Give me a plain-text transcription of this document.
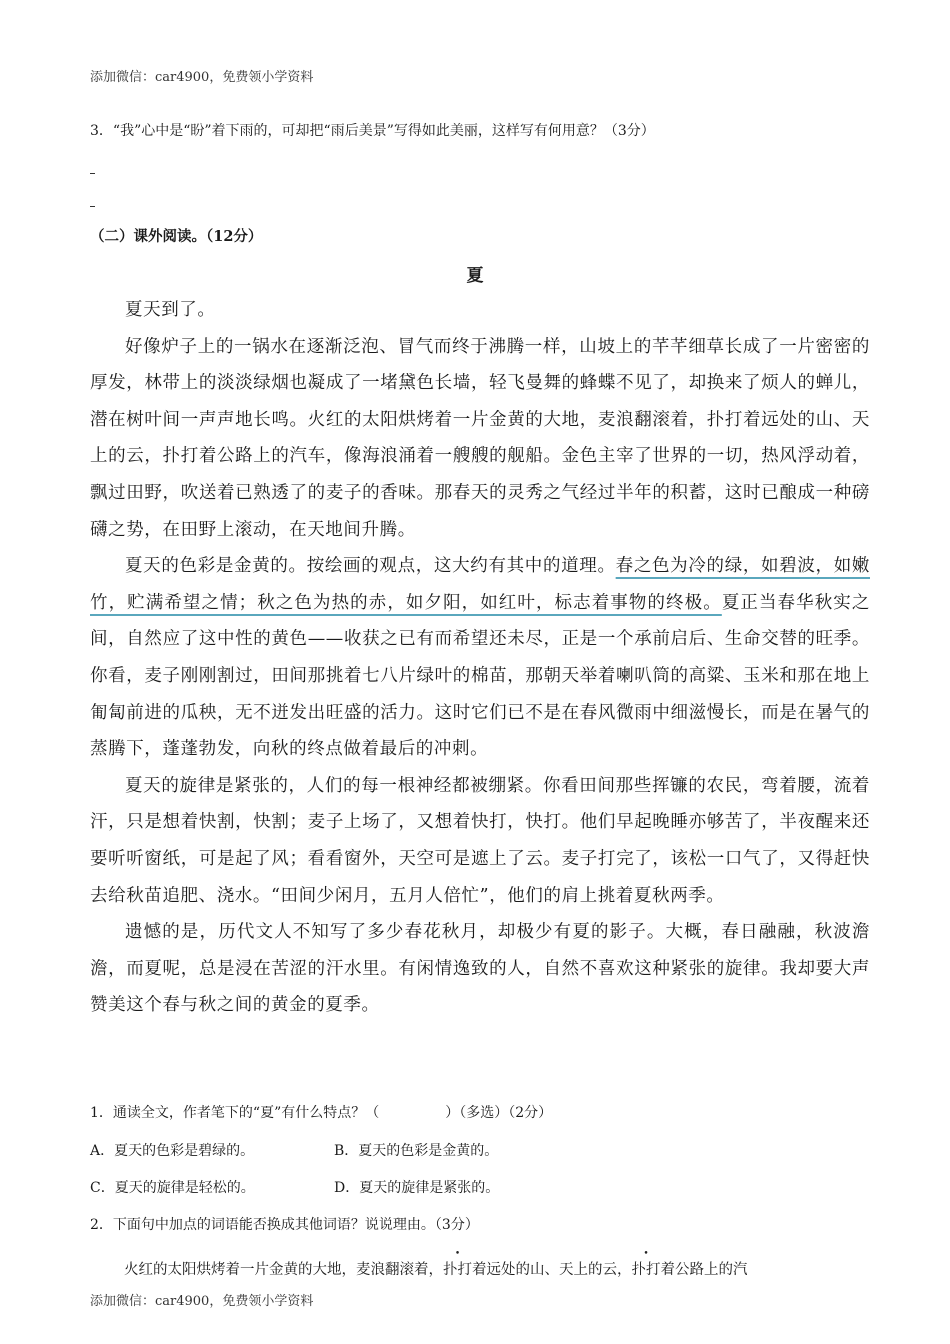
添加微信：car4900，免费领小学资料
3．“我”心中是“盼”着下雨的，可却把“雨后美景”写得如此美丽，这样写有何用意？（3分）
（二）课外阅读。（12分）
夏

夏天到了。

好像炉子上的一锅水在逐渐泛泡、冒气而终于沸腾一样，山坡上的芊芊细草长成了一片密密的厚发，林带上的淡淡绿烟也凝成了一堵黛色长墙，轻飞曼舞的蜂蝶不见了，却换来了烦人的蝉儿，潜在树叶间一声声地长鸣。火红的太阳烘烤着一片金黄的大地，麦浪翻滚着，扑打着远处的山、天上的云，扑打着公路上的汽车，像海浪涌着一艘艘的舰船。金色主宰了世界的一切，热风浮动着，飘过田野，吹送着已熟透了的麦子的香味。那春天的灵秀之气经过半年的积蓄，这时已酿成一种磅礴之势，在田野上滚动，在天地间升腾。

夏天的色彩是金黄的。按绘画的观点，这大约有其中的道理。春之色为冷的绿，如碧波，如嫩竹，贮满希望之情；秋之色为热的赤，如夕阳，如红叶，标志着事物的终极。夏正当春华秋实之间，自然应了这中性的黄色——收获之已有而希望还未尽，正是一个承前启后、生命交替的旺季。你看，麦子刚刚割过，田间那挑着七八片绿叶的棉苗，那朝天举着喇叭筒的高粱、玉米和那在地上匍匐前进的瓜秧，无不迸发出旺盛的活力。这时它们已不是在春风微雨中细滋慢长，而是在暑气的蒸腾下，蓬蓬勃发，向秋的终点做着最后的冲刺。

夏天的旋律是紧张的，人们的每一根神经都被绷紧。你看田间那些挥镰的农民，弯着腰，流着汗，只是想着快割，快割；麦子上场了，又想着快打，快打。他们早起晚睡亦够苦了，半夜醒来还要听听窗纸，可是起了风；看看窗外，天空可是遮上了云。麦子打完了，该松一口气了，又得赶快去给秋苗追肥、浇水。“田间少闲月，五月人倍忙”，他们的肩上挑着夏秋两季。

遗憾的是，历代文人不知写了多少春花秋月，却极少有夏的影子。大概，春日融融，秋波澹澹，而夏呢，总是浸在苦涩的汗水里。有闲情逸致的人，自然不喜欢这种紧张的旋律。我却要大声赞美这个春与秋之间的黄金的夏季。

1．通读全文，作者笔下的“夏”有什么特点？（	）（多选）（2分）
A．夏天的色彩是碧绿的。	B．夏天的色彩是金黄的。
C．夏天的旋律是轻松的。	D．夏天的旋律是紧张的。
2．下面句中加点的词语能否换成其他词语？说说理由。（3分）
火红的太阳烘烤着一片金黄的大地，麦浪翻滚着，扑打着远处的山、天上的云，扑打着公路上的汽
添加微信：car4900，免费领小学资料
